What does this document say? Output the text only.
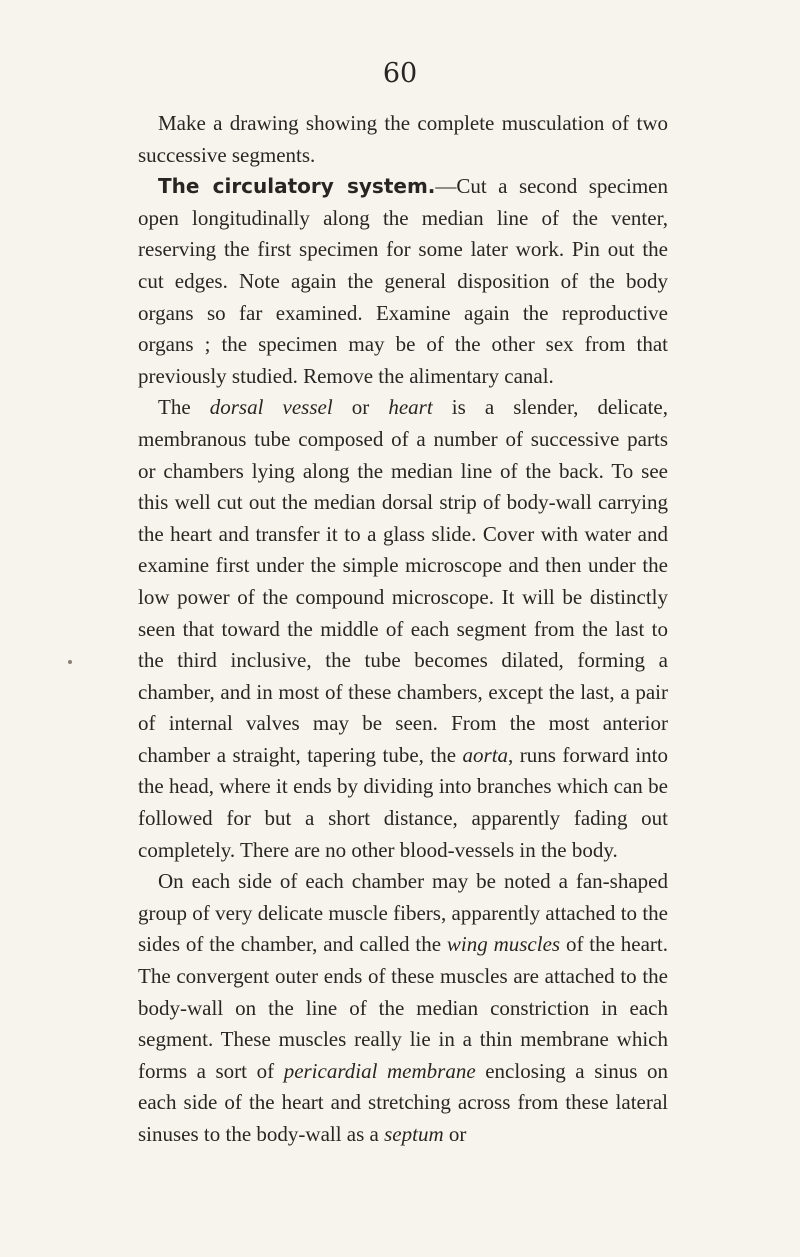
60

Make a drawing showing the complete musculation of two successive segments.

The circulatory system.—Cut a second specimen open longitudinally along the median line of the venter, reserving the first specimen for some later work. Pin out the cut edges. Note again the general disposition of the body organs so far examined. Examine again the reproductive organs ; the specimen may be of the other sex from that previously studied. Remove the alimentary canal.

The dorsal vessel or heart is a slender, delicate, membranous tube composed of a number of successive parts or chambers lying along the median line of the back. To see this well cut out the median dorsal strip of body-wall carrying the heart and transfer it to a glass slide. Cover with water and examine first under the simple microscope and then under the low power of the compound microscope. It will be distinctly seen that toward the middle of each segment from the last to the third inclusive, the tube becomes dilated, forming a chamber, and in most of these chambers, except the last, a pair of internal valves may be seen. From the most anterior chamber a straight, tapering tube, the aorta, runs forward into the head, where it ends by dividing into branches which can be followed for but a short distance, apparently fading out completely. There are no other blood-vessels in the body.

On each side of each chamber may be noted a fan-shaped group of very delicate muscle fibers, apparently attached to the sides of the chamber, and called the wing muscles of the heart. The convergent outer ends of these muscles are attached to the body-wall on the line of the median constriction in each segment. These muscles really lie in a thin membrane which forms a sort of pericardial membrane enclosing a sinus on each side of the heart and stretching across from these lateral sinuses to the body-wall as a septum or
